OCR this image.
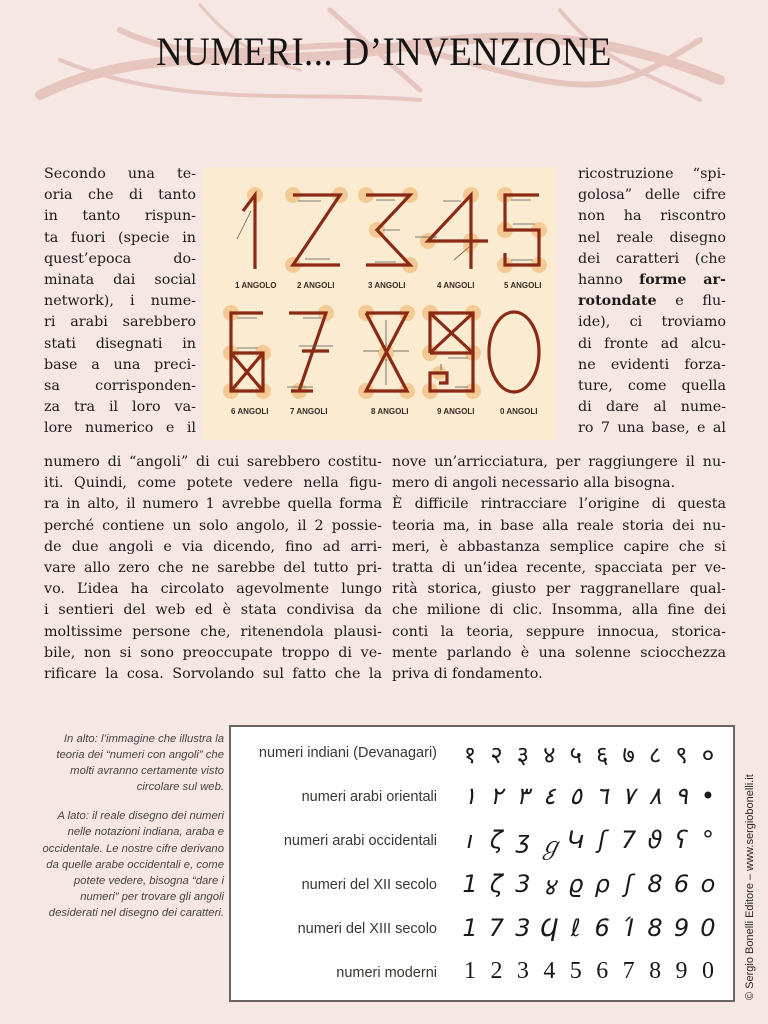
NUMERI... D’INVENZIONE
Secondo una te-
oria che di tanto
in tanto rispun-
ta fuori (specie in
quest’epoca do-
minata dai social
network), i nume-
ri arabi sarebbero
stati disegnati in
base a una preci-
sa corrisponden-
za tra il loro va-
lore numerico e il
1 ANGOLO	2 ANGOLI	3 ANGOLI	4 ANGOLI	5 ANGOLI
6 ANGOLI	7 ANGOLI	8 ANGOLI	9 ANGOLI	0 ANGOLI
ricostruzione “spi-
golosa” delle cifre
non ha riscontro
nel reale disegno
dei caratteri (che
hanno forme ar-
rotondate e flu-
ide), ci troviamo
di fronte ad alcu-
ne evidenti forza-
ture, come quella
di dare al nume-
ro 7 una base, e al
numero di “angoli” di cui sarebbero costitu-
iti. Quindi, come potete vedere nella figu-
ra in alto, il numero 1 avrebbe quella forma
perché contiene un solo angolo, il 2 possie-
de due angoli e via dicendo, fino ad arri-
vare allo zero che ne sarebbe del tutto pri-
vo. L’idea ha circolato agevolmente lungo
i sentieri del web ed è stata condivisa da
moltissime persone che, ritenendola plausi-
bile, non si sono preoccupate troppo di ve-
rificare la cosa. Sorvolando sul fatto che la
nove un’arricciatura, per raggiungere il nu-
mero di angoli necessario alla bisogna.
È difficile rintracciare l’origine di questa
teoria ma, in base alla reale storia dei nu-
meri, è abbastanza semplice capire che si
tratta di un’idea recente, spacciata per ve-
rità storica, giusto per raggranellare qual-
che milione di clic. Insomma, alla fine dei
conti la teoria, seppure innocua, storica-
mente parlando è una solenne sciocchezza
priva di fondamento.

In alto: l’immagine che illustra la teoria dei “numeri con angoli” che molti avranno certamente visto circolare sul web.

A lato: il reale disegno dei numeri nelle notazioni indiana, araba e occidentale. Le nostre cifre derivano da quelle arabe occidentali e, come potete vedere, bisogna “dare i numeri” per trovare gli angoli desiderati nel disegno dei caratteri.

numeri indiani (Devanagari) १ २ ३ ४ ५ ६ ७ ८ ९ ०
numeri arabi orientali ١ ٢ ٣ ٤ ٥ ٦ ٧ ٨ ٩ •
numeri arabi occidentali	ı ζ ʒ ℊ Կ ʃ 7 ϑ ʕ °
numeri del XII secolo 1 ζ 3 ४ ϱ ρ ʃ 8 6 o
numeri del XIII secolo 1 7 3 Ϥ ℓ 6 Ί 8 9 0
numeri moderni 1 2 3 4 5 6 7 8 9 0	© Sergio Bonelli Editore – www.sergiobonelli.it
